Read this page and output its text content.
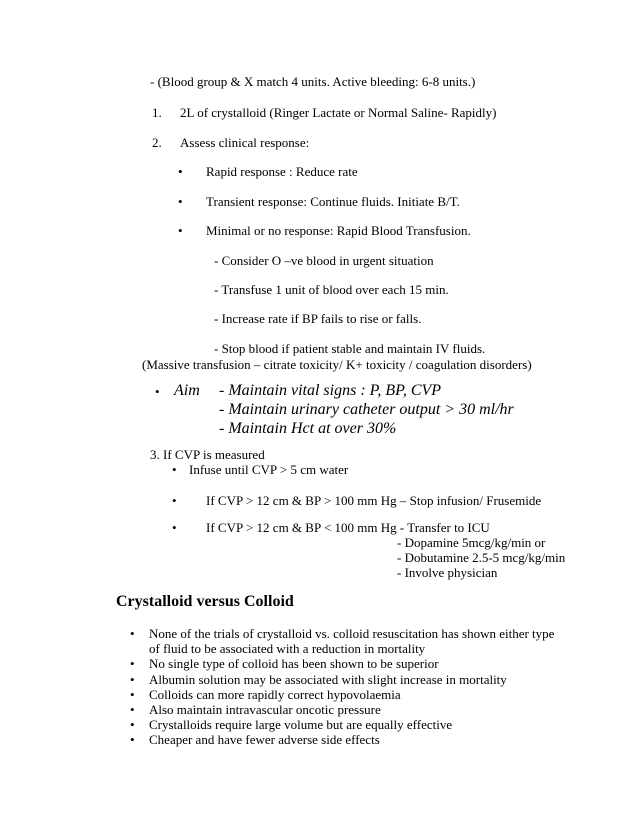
- (Blood group & X match 4 units. Active bleeding: 6-8 units.)
1. 2L of crystalloid (Ringer Lactate or Normal Saline- Rapidly)
2. Assess clinical response:
• Rapid response : Reduce rate
• Transient response: Continue fluids. Initiate B/T.
• Minimal or no response: Rapid Blood Transfusion.
- Consider O –ve blood in urgent situation
- Transfuse 1 unit of blood over each 15 min.
- Increase rate if BP fails to rise or falls.
- Stop blood if patient stable and maintain IV fluids.
(Massive transfusion – citrate toxicity/ K+ toxicity / coagulation disorders)
• Aim - Maintain vital signs : P, BP, CVP
- Maintain urinary catheter output > 30 ml/hr
- Maintain Hct at over 30%
3. If CVP is measured
• Infuse until CVP > 5 cm water
• If CVP > 12 cm & BP > 100 mm Hg – Stop infusion/ Frusemide
• If CVP > 12 cm & BP < 100 mm Hg - Transfer to ICU
- Dopamine 5mcg/kg/min or
- Dobutamine 2.5-5 mcg/kg/min
- Involve physician
Crystalloid versus Colloid
• None of the trials of crystalloid vs. colloid resuscitation has shown either type
of fluid to be associated with a reduction in mortality
• No single type of colloid has been shown to be superior
• Albumin solution may be associated with slight increase in mortality
• Colloids can more rapidly correct hypovolaemia
• Also maintain intravascular oncotic pressure
• Crystalloids require large volume but are equally effective
• Cheaper and have fewer adverse side effects
